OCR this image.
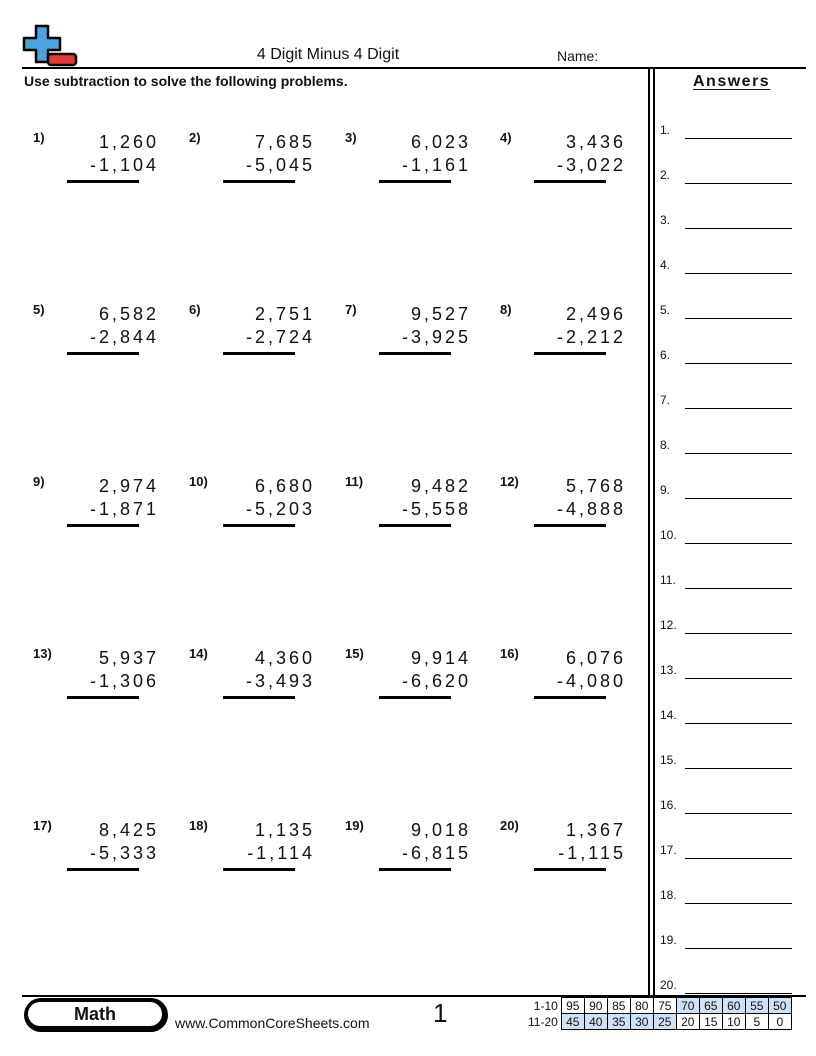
4 Digit Minus 4 Digit	Name:
Use subtraction to solve the following problems.	Answers
1.
2.
3.
4.
5.
6.
7.
8.
9.
10.
11.
12.
13.
14.
15.
16.
17.
18.
19.
20.
1)	1,260
-1,104
2)	7,685
-5,045
3)	6,023
-1,161
4)	3,436
-3,022
5)	6,582
-2,844
6)	2,751
-2,724
7)	9,527
-3,925
8)	2,496
-2,212
9)	2,974
-1,871
10)	6,680
-5,203
11)	9,482
-5,558
12)	5,768
-4,888
13)	5,937
-1,306
14)	4,360
-3,493
15)	9,914
-6,620
16)	6,076
-4,080
17)	8,425
-5,333
18)	1,135
-1,114
19)	9,018
-6,815
20)	1,367
-1,115
Math	www.CommonCoreSheets.com 1	1-10	95	90	85	80	75	70	65	60	55	50
11-20	45	40	35	30	25	20	15	10	5	0
